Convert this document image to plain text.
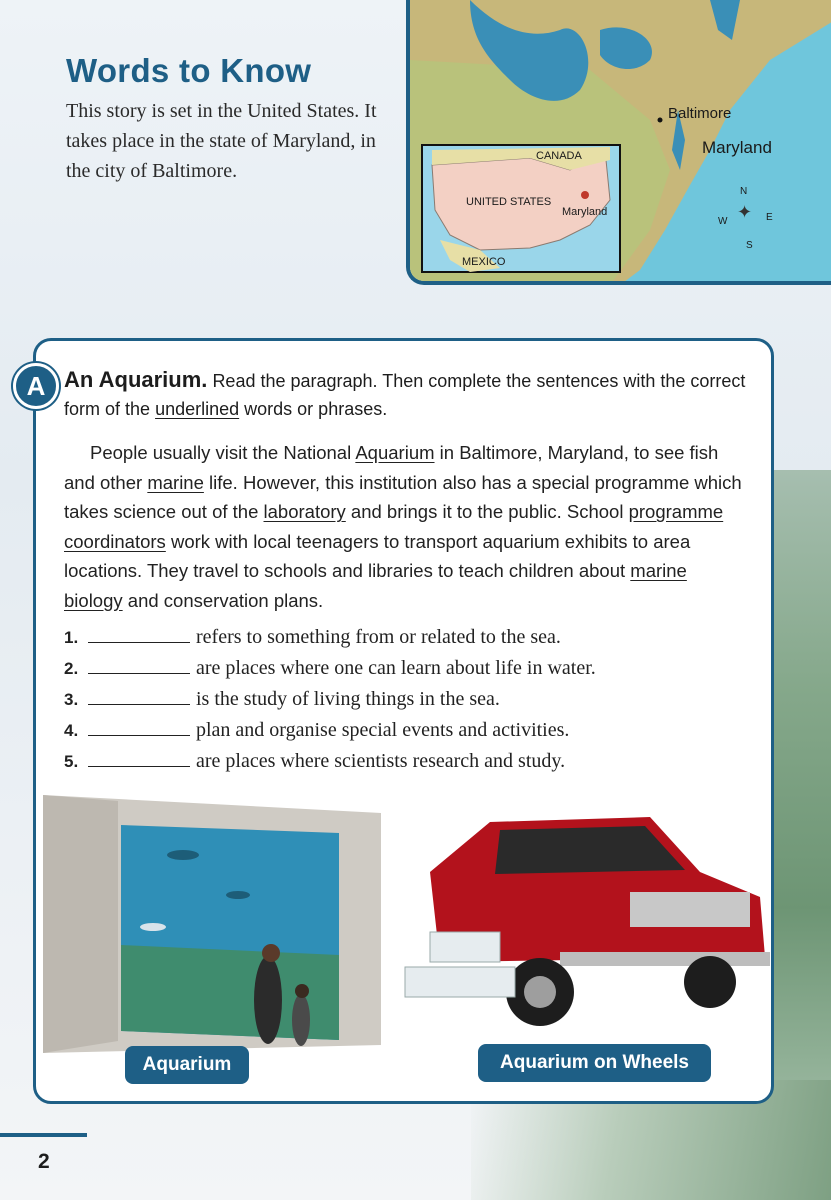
Words to Know

This story is set in the United States. It takes place in the state of Maryland, in the city of Baltimore.

Baltimore
Maryland
CANADA
UNITED STATES
Maryland
MEXICO
N
W	E
S
✦
A An Aquarium. Read the paragraph. Then complete the sentences with the correct form of the underlined words or phrases.

People usually visit the National Aquarium in Baltimore, Maryland, to see fish and other marine life. However, this institution also has a special programme which takes science out of the laboratory and brings it to the public. School programme coordinators work with local teenagers to transport aquarium exhibits to area locations. They travel to schools and libraries to teach children about marine biology and conservation plans.

1.	refers to something from or related to the sea.
2.	are places where one can learn about life in water.
3.	is the study of living things in the sea.
4.	plan and organise special events and activities.
5.	are places where scientists research and study.
Aquarium	Aquarium on Wheels
2
